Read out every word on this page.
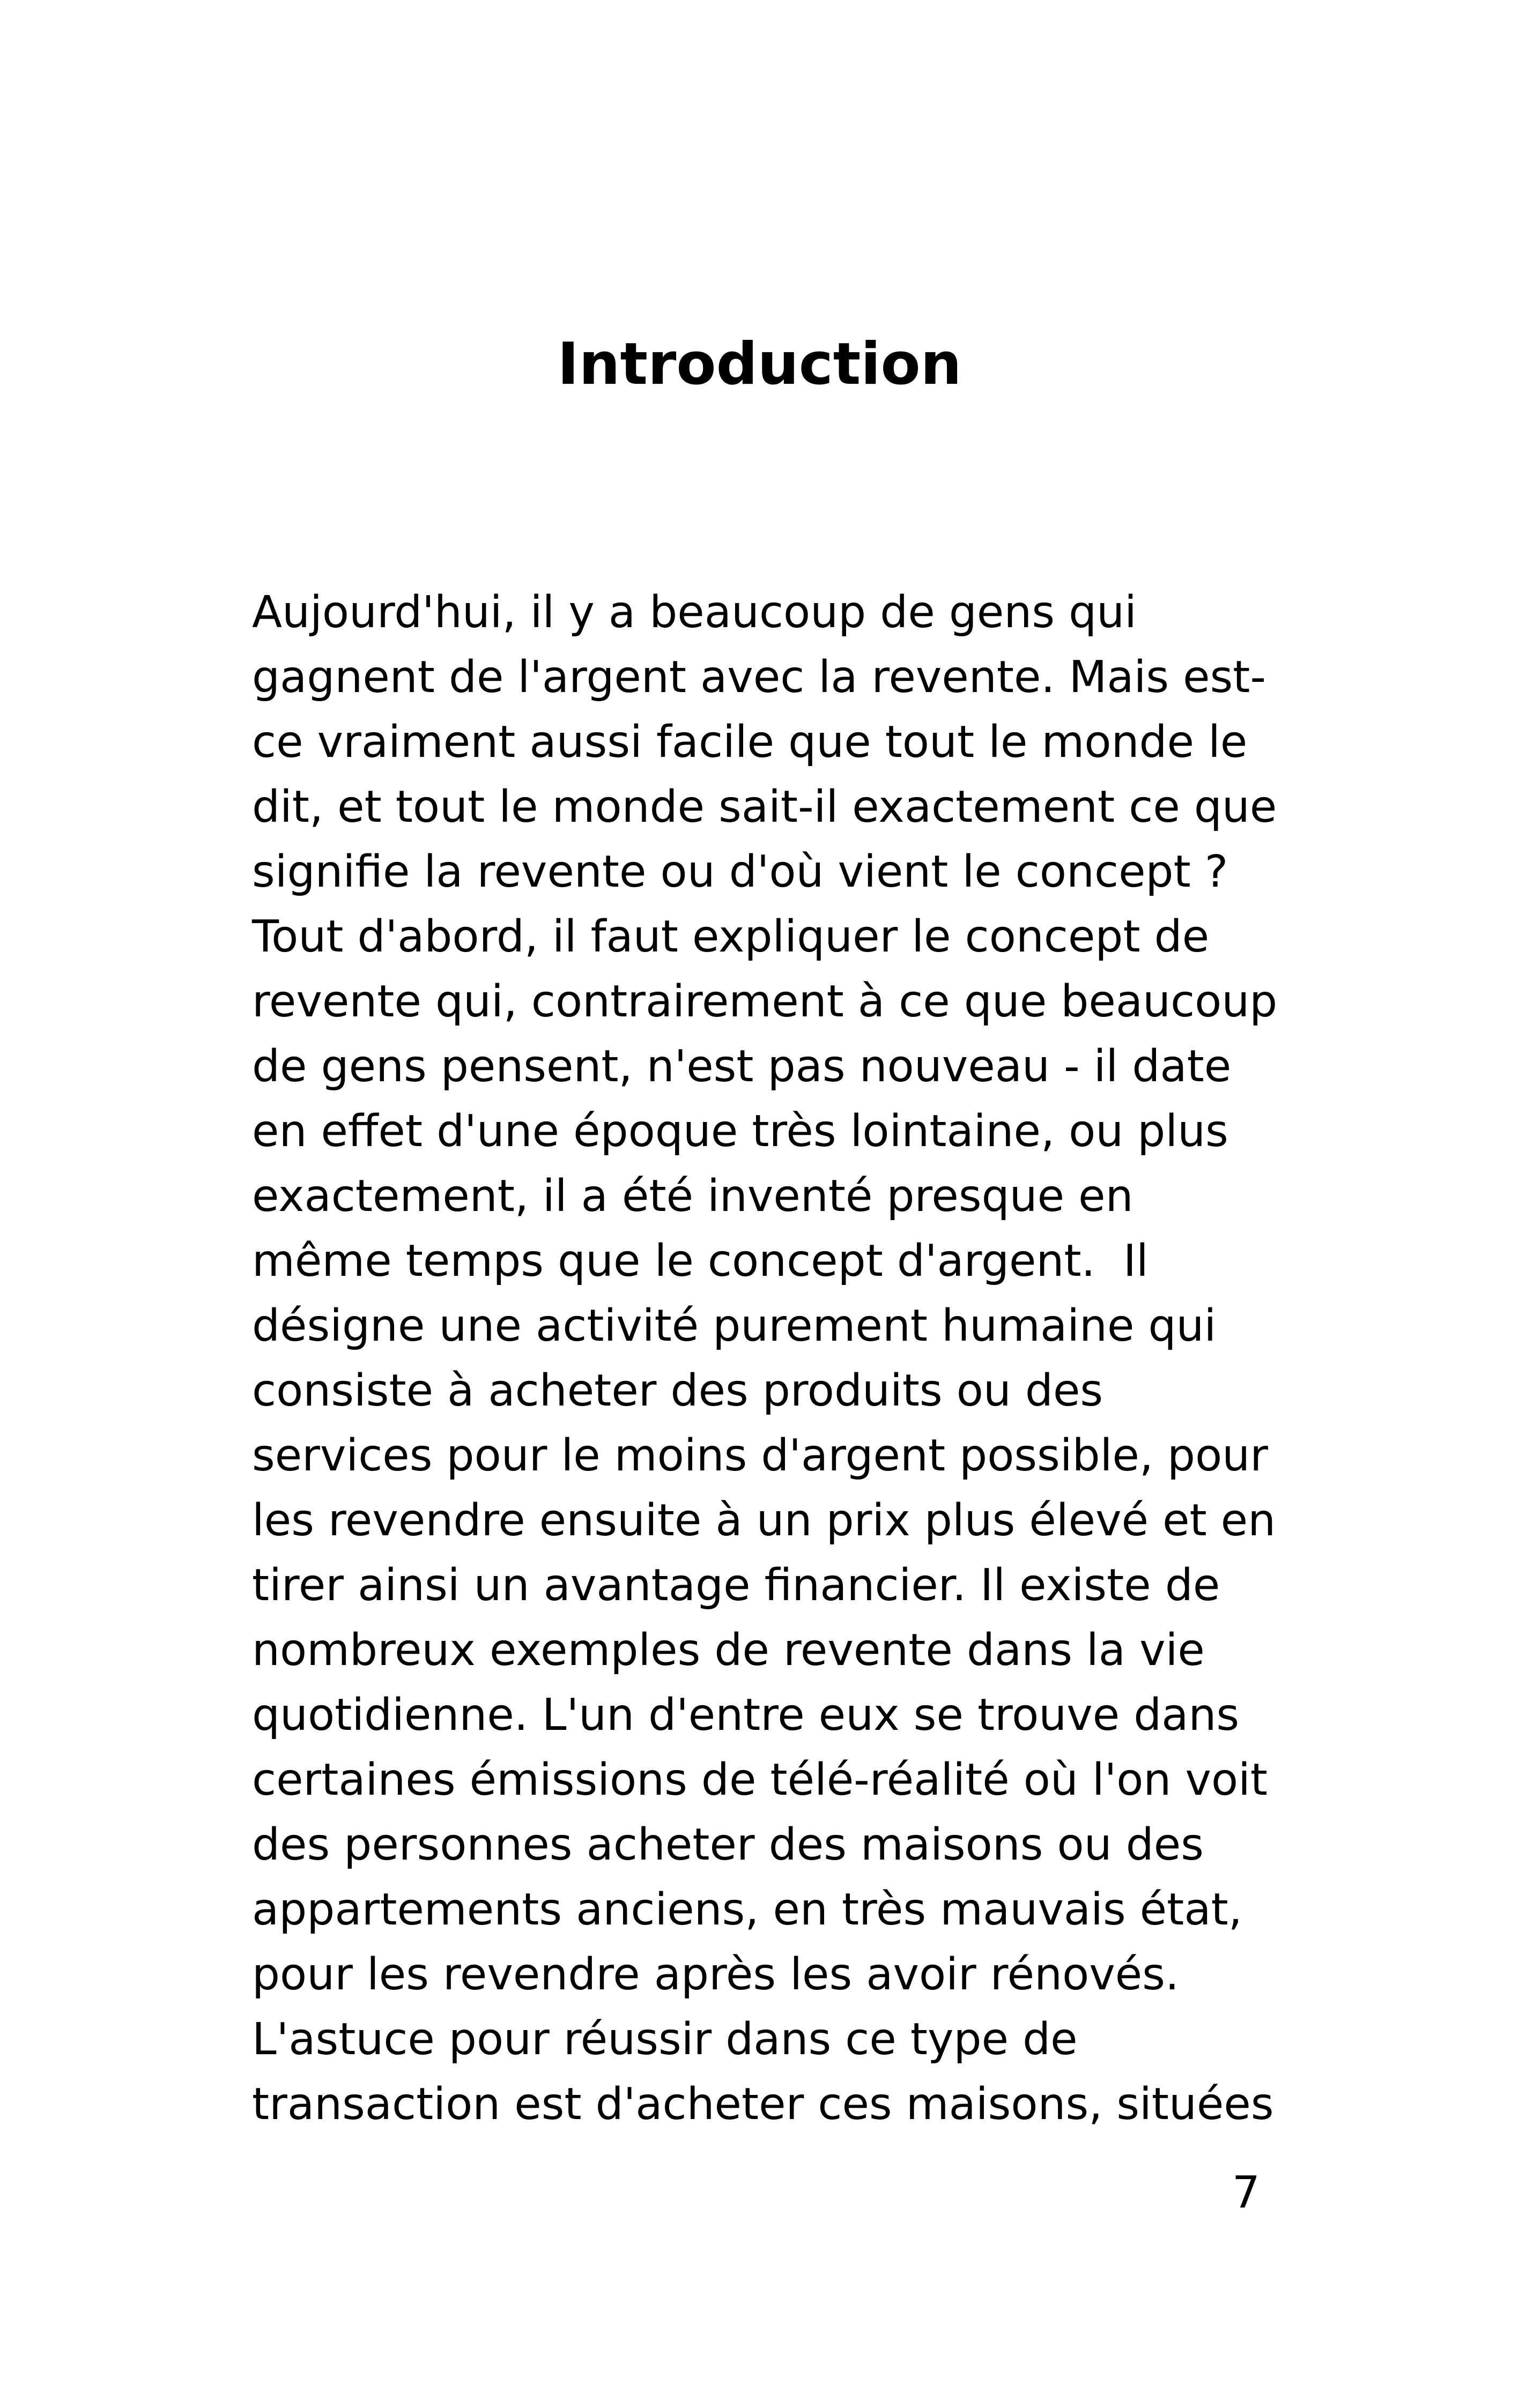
Introduction
Aujourd'hui, il y a beaucoup de gens qui
gagnent de l'argent avec la revente. Mais est-
ce vraiment aussi facile que tout le monde le
dit, et tout le monde sait-il exactement ce que
signifie la revente ou d'où vient le concept ?
Tout d'abord, il faut expliquer le concept de
revente qui, contrairement à ce que beaucoup
de gens pensent, n'est pas nouveau - il date
en effet d'une époque très lointaine, ou plus
exactement, il a été inventé presque en
même temps que le concept d'argent.  Il
désigne une activité purement humaine qui
consiste à acheter des produits ou des
services pour le moins d'argent possible, pour
les revendre ensuite à un prix plus élevé et en
tirer ainsi un avantage financier. Il existe de
nombreux exemples de revente dans la vie
quotidienne. L'un d'entre eux se trouve dans
certaines émissions de télé-réalité où l'on voit
des personnes acheter des maisons ou des
appartements anciens, en très mauvais état,
pour les revendre après les avoir rénovés.
L'astuce pour réussir dans ce type de
transaction est d'acheter ces maisons, situées
7
